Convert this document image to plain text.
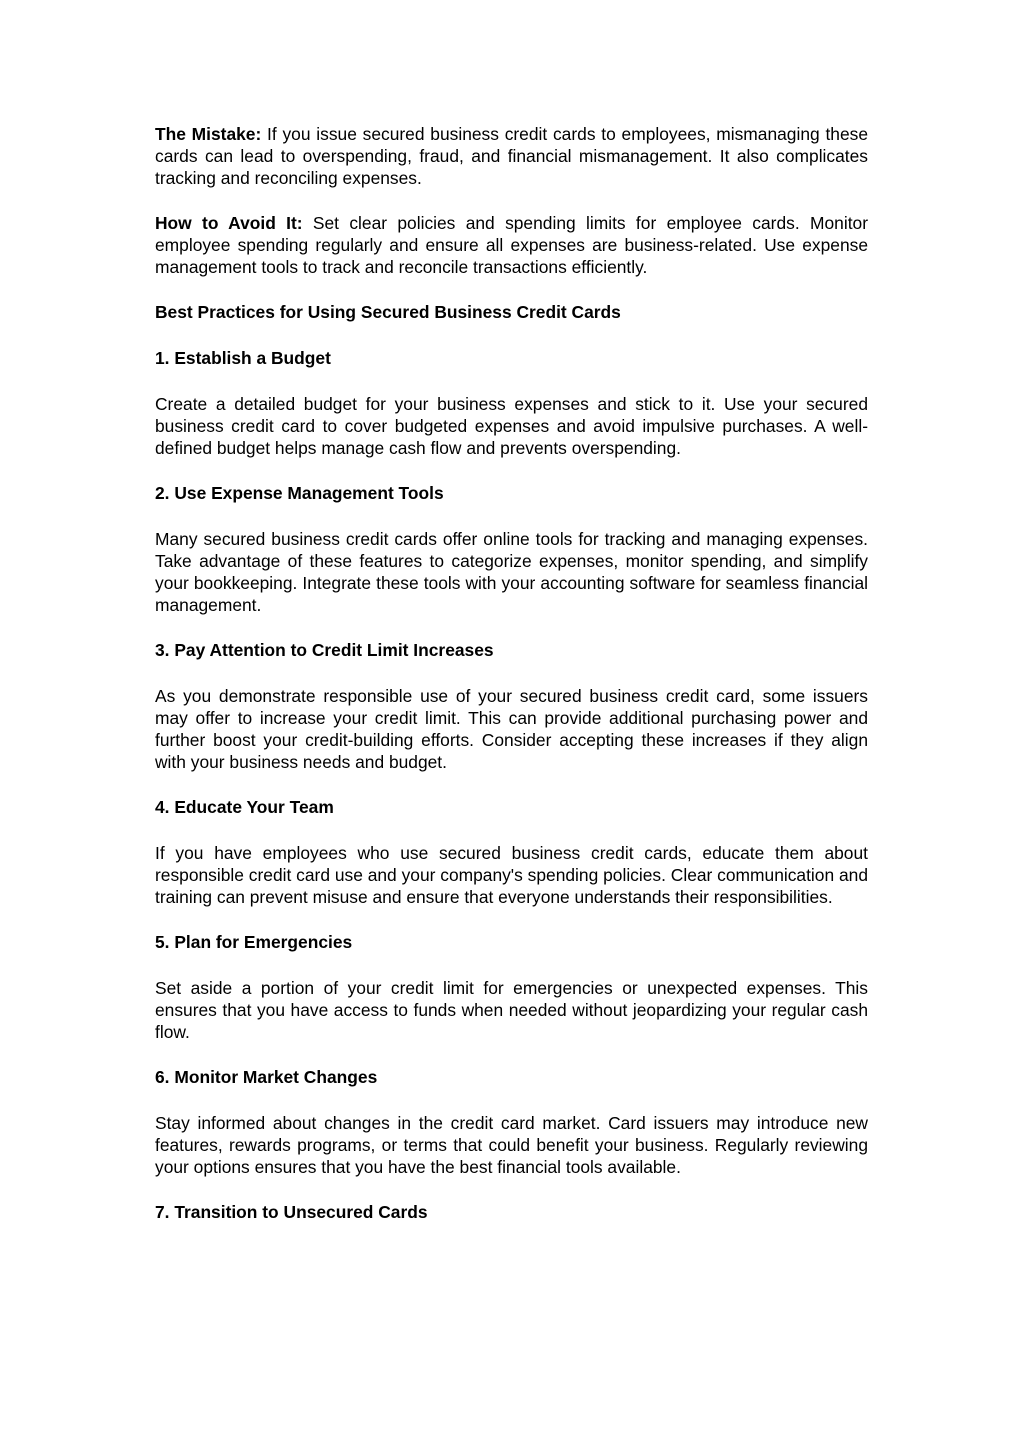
The Mistake: If you issue secured business credit cards to employees, mismanaging these cards can lead to overspending, fraud, and financial mismanagement. It also complicates tracking and reconciling expenses.

How to Avoid It: Set clear policies and spending limits for employee cards. Monitor employee spending regularly and ensure all expenses are business-related. Use expense management tools to track and reconcile transactions efficiently.

Best Practices for Using Secured Business Credit Cards

1. Establish a Budget

Create a detailed budget for your business expenses and stick to it. Use your secured business credit card to cover budgeted expenses and avoid impulsive purchases. A well-defined budget helps manage cash flow and prevents overspending.

2. Use Expense Management Tools

Many secured business credit cards offer online tools for tracking and managing expenses. Take advantage of these features to categorize expenses, monitor spending, and simplify your bookkeeping. Integrate these tools with your accounting software for seamless financial management.

3. Pay Attention to Credit Limit Increases

As you demonstrate responsible use of your secured business credit card, some issuers may offer to increase your credit limit. This can provide additional purchasing power and further boost your credit-building efforts. Consider accepting these increases if they align with your business needs and budget.

4. Educate Your Team

If you have employees who use secured business credit cards, educate them about responsible credit card use and your company's spending policies. Clear communication and training can prevent misuse and ensure that everyone understands their responsibilities.

5. Plan for Emergencies

Set aside a portion of your credit limit for emergencies or unexpected expenses. This ensures that you have access to funds when needed without jeopardizing your regular cash flow.

6. Monitor Market Changes

Stay informed about changes in the credit card market. Card issuers may introduce new features, rewards programs, or terms that could benefit your business. Regularly reviewing your options ensures that you have the best financial tools available.

7. Transition to Unsecured Cards
